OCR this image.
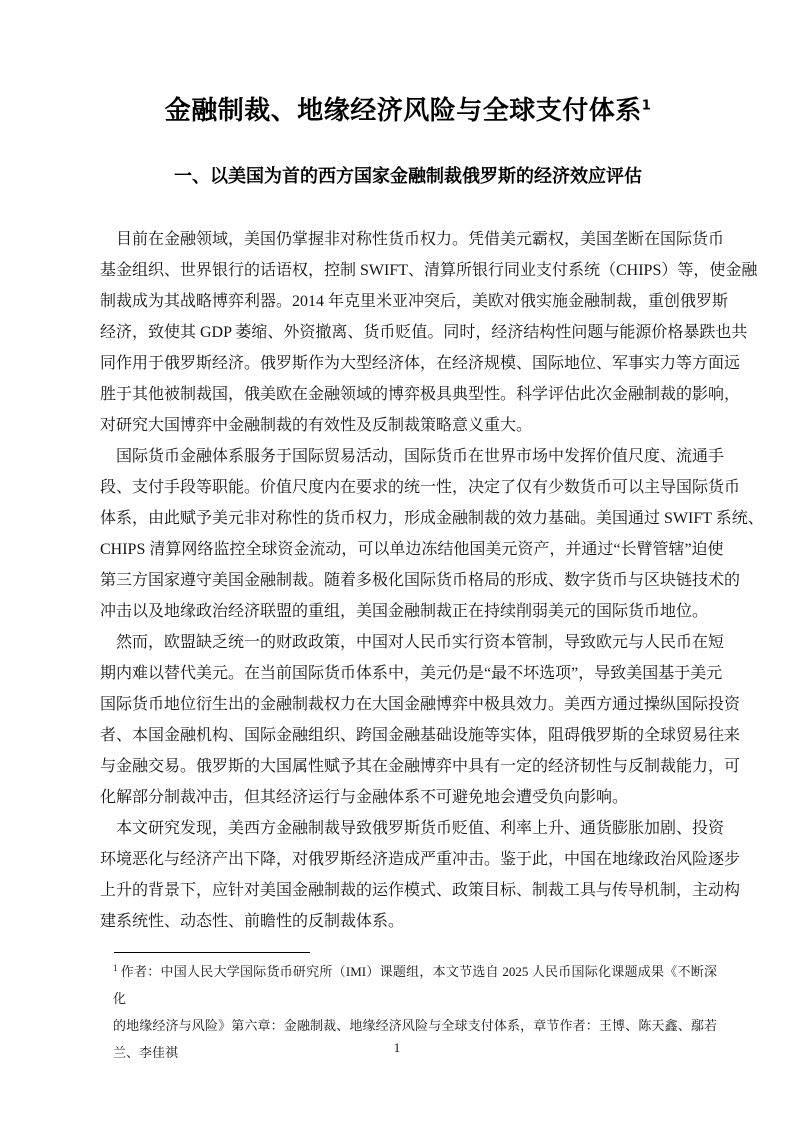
金融制裁、地缘经济风险与全球支付体系$^1$
一、以美国为首的西方国家金融制裁俄罗斯的经济效应评估
目前在金融领域，美国仍掌握非对称性货币权力。凭借美元霸权，美国垄断在国际货币
基金组织、世界银行的话语权，控制 SWIFT、清算所银行同业支付系统（CHIPS）等，使金融
制裁成为其战略博弈利器。2014 年克里米亚冲突后，美欧对俄实施金融制裁，重创俄罗斯
经济，致使其 GDP 萎缩、外资撤离、货币贬值。同时，经济结构性问题与能源价格暴跌也共
同作用于俄罗斯经济。俄罗斯作为大型经济体，在经济规模、国际地位、军事实力等方面远
胜于其他被制裁国，俄美欧在金融领域的博弈极具典型性。科学评估此次金融制裁的影响，
对研究大国博弈中金融制裁的有效性及反制裁策略意义重大。
国际货币金融体系服务于国际贸易活动，国际货币在世界市场中发挥价值尺度、流通手
段、支付手段等职能。价值尺度内在要求的统一性，决定了仅有少数货币可以主导国际货币
体系，由此赋予美元非对称性的货币权力，形成金融制裁的效力基础。美国通过 SWIFT 系统、
CHIPS 清算网络监控全球资金流动，可以单边冻结他国美元资产，并通过“长臂管辖”迫使
第三方国家遵守美国金融制裁。随着多极化国际货币格局的形成、数字货币与区块链技术的
冲击以及地缘政治经济联盟的重组，美国金融制裁正在持续削弱美元的国际货币地位。
然而，欧盟缺乏统一的财政政策，中国对人民币实行资本管制，导致欧元与人民币在短
期内难以替代美元。在当前国际货币体系中，美元仍是“最不坏选项”，导致美国基于美元
国际货币地位衍生出的金融制裁权力在大国金融博弈中极具效力。美西方通过操纵国际投资
者、本国金融机构、国际金融组织、跨国金融基础设施等实体，阻碍俄罗斯的全球贸易往来
与金融交易。俄罗斯的大国属性赋予其在金融博弈中具有一定的经济韧性与反制裁能力，可
化解部分制裁冲击，但其经济运行与金融体系不可避免地会遭受负向影响。
本文研究发现，美西方金融制裁导致俄罗斯货币贬值、利率上升、通货膨胀加剧、投资
环境恶化与经济产出下降，对俄罗斯经济造成严重冲击。鉴于此，中国在地缘政治风险逐步
上升的背景下，应针对美国金融制裁的运作模式、政策目标、制裁工具与传导机制，主动构
建系统性、动态性、前瞻性的反制裁体系。
$^1$ 作者：中国人民大学国际货币研究所（IMI）课题组，本文节选自 2025 人民币国际化课题成果《不断深化
的地缘经济与风险》第六章：金融制裁、地缘经济风险与全球支付体系，章节作者：王博、陈天鑫、鄢若
兰、李佳祺	1
